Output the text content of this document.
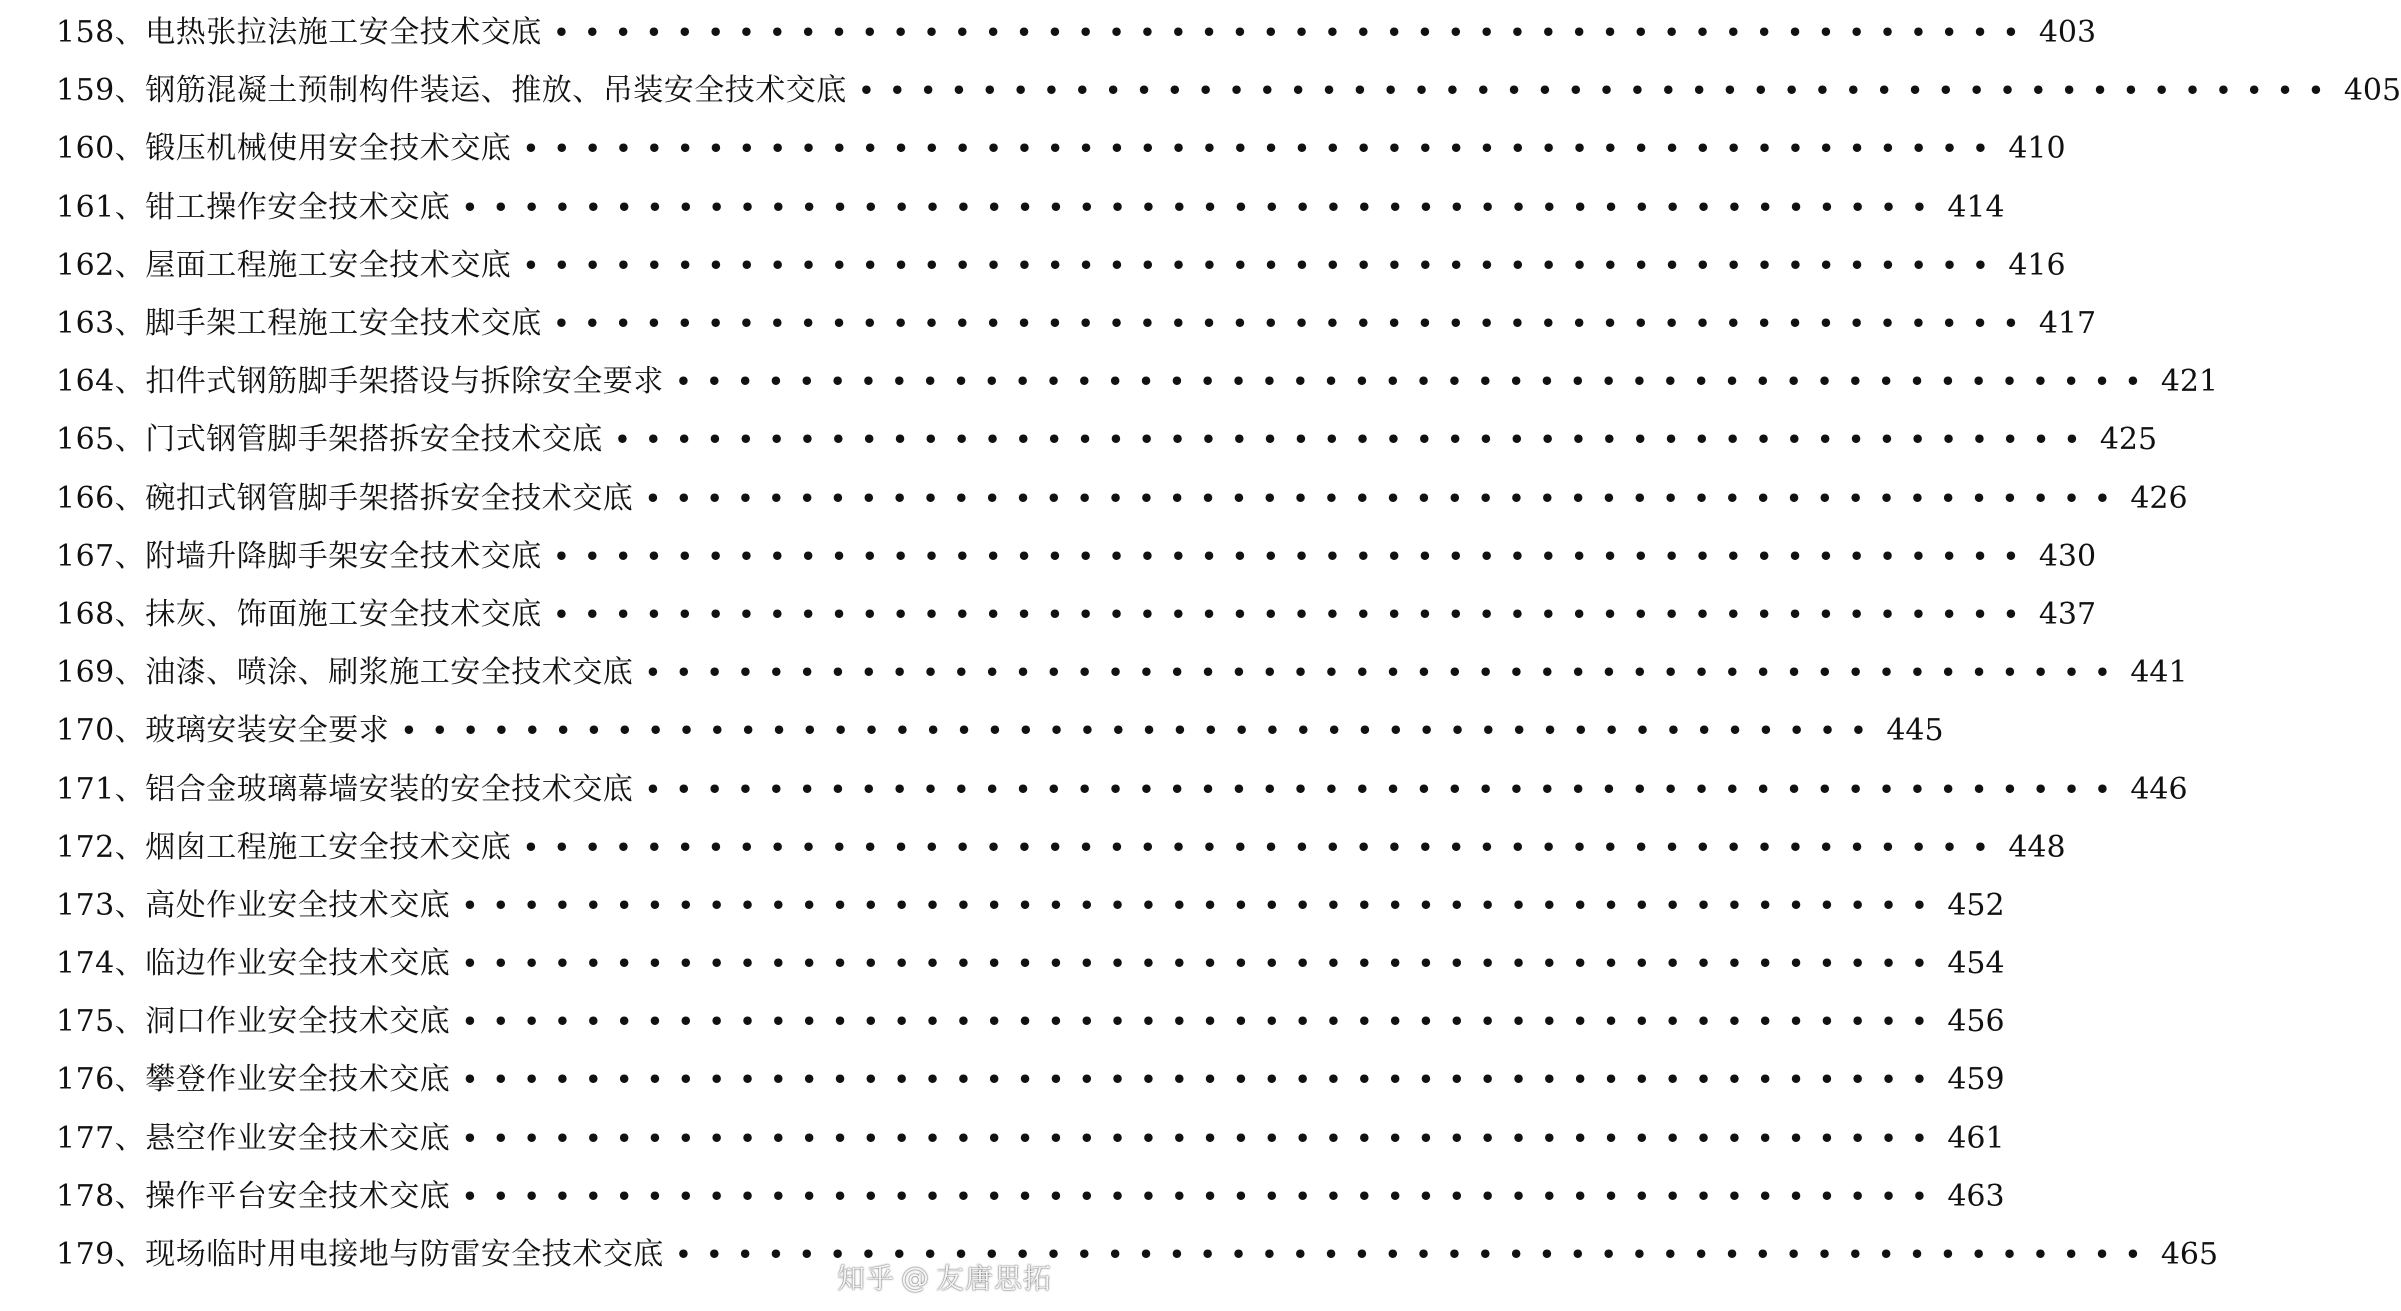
158、电热张拉法施工安全技术交底 •••••••••••••••••••••••••••••••••••••••••••••••• 403
159、钢筋混凝土预制构件装运、推放、吊装安全技术交底 •••••••••••••••••••••••••••••••••••••••••••••••• 405
160、锻压机械使用安全技术交底 •••••••••••••••••••••••••••••••••••••••••••••••• 410
161、钳工操作安全技术交底 •••••••••••••••••••••••••••••••••••••••••••••••• 414
162、屋面工程施工安全技术交底 •••••••••••••••••••••••••••••••••••••••••••••••• 416
163、脚手架工程施工安全技术交底 •••••••••••••••••••••••••••••••••••••••••••••••• 417
164、扣件式钢筋脚手架搭设与拆除安全要求 •••••••••••••••••••••••••••••••••••••••••••••••• 421
165、门式钢管脚手架搭拆安全技术交底 •••••••••••••••••••••••••••••••••••••••••••••••• 425
166、碗扣式钢管脚手架搭拆安全技术交底 •••••••••••••••••••••••••••••••••••••••••••••••• 426
167、附墙升降脚手架安全技术交底 •••••••••••••••••••••••••••••••••••••••••••••••• 430
168、抹灰、饰面施工安全技术交底 •••••••••••••••••••••••••••••••••••••••••••••••• 437
169、油漆、喷涂、刷浆施工安全技术交底 •••••••••••••••••••••••••••••••••••••••••••••••• 441
170、玻璃安装安全要求 •••••••••••••••••••••••••••••••••••••••••••••••• 445
171、铝合金玻璃幕墙安装的安全技术交底 •••••••••••••••••••••••••••••••••••••••••••••••• 446
172、烟囱工程施工安全技术交底 •••••••••••••••••••••••••••••••••••••••••••••••• 448
173、高处作业安全技术交底 •••••••••••••••••••••••••••••••••••••••••••••••• 452
174、临边作业安全技术交底 •••••••••••••••••••••••••••••••••••••••••••••••• 454
175、洞口作业安全技术交底 •••••••••••••••••••••••••••••••••••••••••••••••• 456
176、攀登作业安全技术交底 •••••••••••••••••••••••••••••••••••••••••••••••• 459
177、悬空作业安全技术交底 •••••••••••••••••••••••••••••••••••••••••••••••• 461
178、操作平台安全技术交底 •••••••••••••••••••••••••••••••••••••••••••••••• 463
179、现场临时用电接地与防雷安全技术交底 •••••••••••••••••••••••••••••••••••••••••••••••• 465
知乎 @ 友唐思拓
